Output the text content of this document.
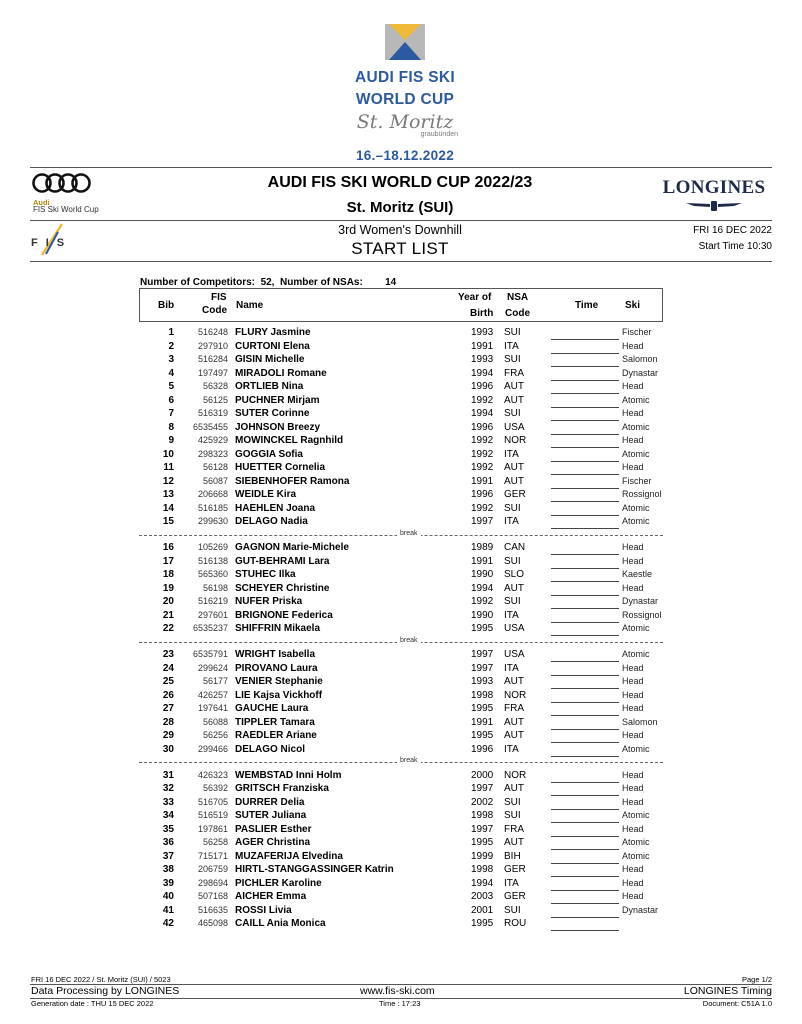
AUDI FIS SKI
WORLD CUP
St. Moritz
graubünden
16.–18.12.2022
Audi
FIS Ski World Cup
AUDI FIS SKI WORLD CUP 2022/23
St. Moritz (SUI)
LONGINES
FIS
3rd Women's Downhill
START LIST
FRI 16 DEC 2022
Start Time 10:30
Number of Competitors: 52, Number of NSAs: 14
Bib
FIS
Code Name
Year of
Birth
NSA
Code
Time	Ski
1	516248 FLURY Jasmine	1993 SUI	Fischer
2	297910 CURTONI Elena	1991 ITA	Head
3	516284 GISIN Michelle	1993 SUI	Salomon
4	197497 MIRADOLI Romane	1994 FRA	Dynastar
5	56328 ORTLIEB Nina	1996 AUT	Head
6	56125 PUCHNER Mirjam	1992 AUT	Atomic
7	516319 SUTER Corinne	1994 SUI	Head
8	6535455 JOHNSON Breezy	1996 USA	Atomic
9	425929 MOWINCKEL Ragnhild	1992 NOR	Head
10	298323 GOGGIA Sofia	1992 ITA	Atomic
11	56128 HUETTER Cornelia	1992 AUT	Head
12	56087 SIEBENHOFER Ramona	1991 AUT	Fischer
13	206668 WEIDLE Kira	1996 GER	Rossignol
14	516185 HAEHLEN Joana	1992 SUI	Atomic
15	299630 DELAGO Nadia	1997 ITA	Atomic
break
16	105269 GAGNON Marie-Michele	1989 CAN	Head
17	516138 GUT-BEHRAMI Lara	1991 SUI	Head
18	565360 STUHEC Ilka	1990 SLO	Kaestle
19	56198 SCHEYER Christine	1994 AUT	Head
20	516219 NUFER Priska	1992 SUI	Dynastar
21	297601 BRIGNONE Federica	1990 ITA	Rossignol
22	6535237 SHIFFRIN Mikaela	1995 USA	Atomic
break
23	6535791 WRIGHT Isabella	1997 USA	Atomic
24	299624 PIROVANO Laura	1997 ITA	Head
25	56177 VENIER Stephanie	1993 AUT	Head
26	426257 LIE Kajsa Vickhoff	1998 NOR	Head
27	197641 GAUCHE Laura	1995 FRA	Head
28	56088 TIPPLER Tamara	1991 AUT	Salomon
29	56256 RAEDLER Ariane	1995 AUT	Head
30	299466 DELAGO Nicol	1996 ITA	Atomic
break
31	426323 WEMBSTAD Inni Holm	2000 NOR	Head
32	56392 GRITSCH Franziska	1997 AUT	Head
33	516705 DURRER Delia	2002 SUI	Head
34	516519 SUTER Juliana	1998 SUI	Atomic
35	197861 PASLIER Esther	1997 FRA	Head
36	56258 AGER Christina	1995 AUT	Atomic
37	715171 MUZAFERIJA Elvedina	1999 BIH	Atomic
38	206759 HIRTL-STANGGASSINGER Katrin	1998 GER	Head
39	298694 PICHLER Karoline	1994 ITA	Head
40	507168 AICHER Emma	2003 GER	Head
41	516635 ROSSI Livia	2001 SUI	Dynastar
42	465098 CAILL Ania Monica	1995 ROU
FRI 16 DEC 2022 / St. Moritz (SUI) / 5023	Page 1/2
Data Processing by LONGINES	www.fis-ski.com	LONGINES Timing
Generation date : THU 15 DEC 2022	Time : 17:23	Document: C51A 1.0
